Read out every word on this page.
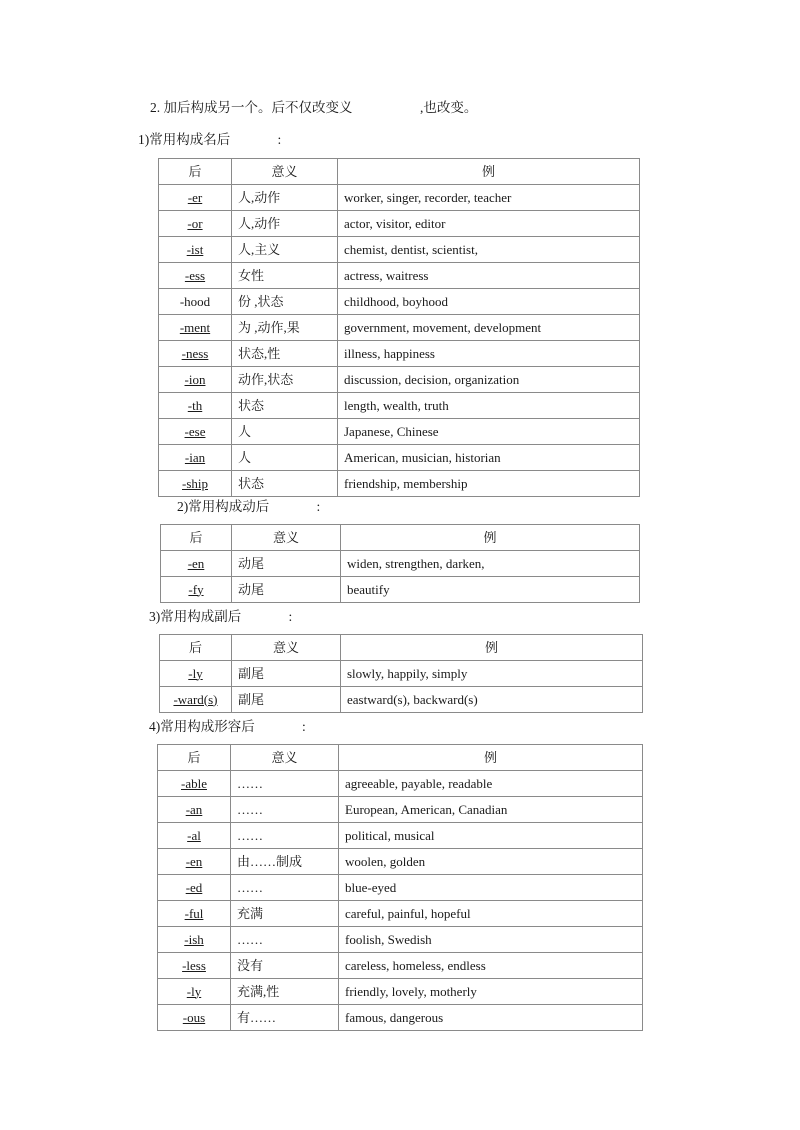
2. 加后构成另一个。后不仅改变义                    ,也改变。
1)常用构成名后              :
后	意义	例
-er	人,动作	worker, singer, recorder, teacher
-or	人,动作	actor, visitor, editor
-ist	人,主义	chemist, dentist, scientist,
-ess	女性	actress, waitress
-hood	份 ,状态	childhood, boyhood
-ment	为 ,动作,果	government, movement, development
-ness	状态,性	illness, happiness
-ion	动作,状态	discussion, decision, organization
-th	状态	length, wealth, truth
-ese	人	Japanese, Chinese
-ian	人	American, musician, historian
-ship	状态	friendship, membership
2)常用构成动后              :
后	意义	例
-en	动尾	widen, strengthen, darken,
-fy	动尾	beautify
3)常用构成副后              :
后	意义	例
-ly	副尾	slowly, happily, simply
-ward(s)	副尾	eastward(s), backward(s)
4)常用构成形容后              :
后	意义	例
-able	……	agreeable, payable, readable
-an	……	European, American, Canadian
-al	……	political, musical
-en	由……制成	woolen, golden
-ed	……	blue-eyed
-ful	充满	careful, painful, hopeful
-ish	……	foolish, Swedish
-less	没有	careless, homeless, endless
-ly	充满,性	friendly, lovely, motherly
-ous	有……	famous, dangerous
